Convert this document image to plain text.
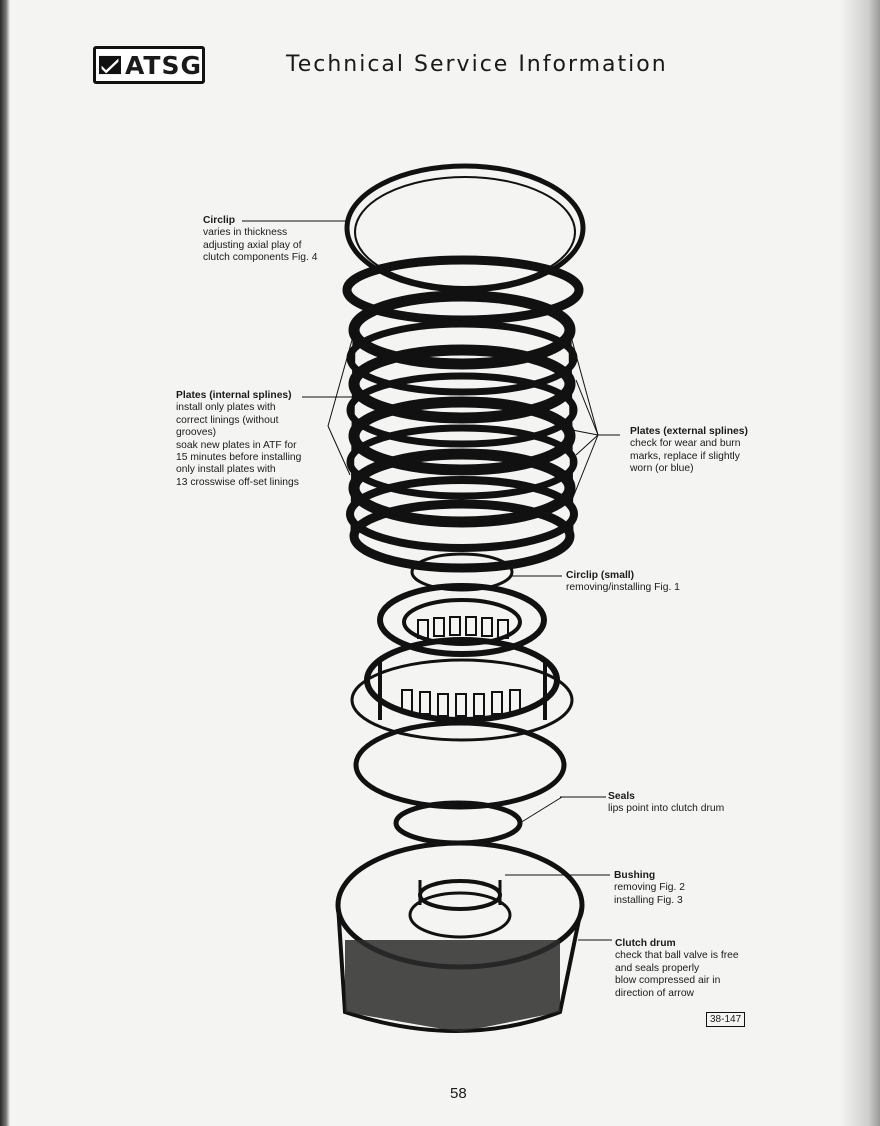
ATSG	Technical Service Information
Circlip
varies in thickness
adjusting axial play of
clutch components Fig. 4
Plates (internal splines)
install only plates with
correct linings (without
grooves)
soak new plates in ATF for
15 minutes before installing
only install plates with
13 crosswise off-set linings
Plates (external splines)
check for wear and burn
marks, replace if slightly
worn (or blue)
Circlip (small)
removing/installing Fig. 1
Seals
lips point into clutch drum
Bushing
removing Fig. 2
installing Fig. 3
Clutch drum
check that ball valve is free
and seals properly
blow compressed air in
direction of arrow
38-147
58
